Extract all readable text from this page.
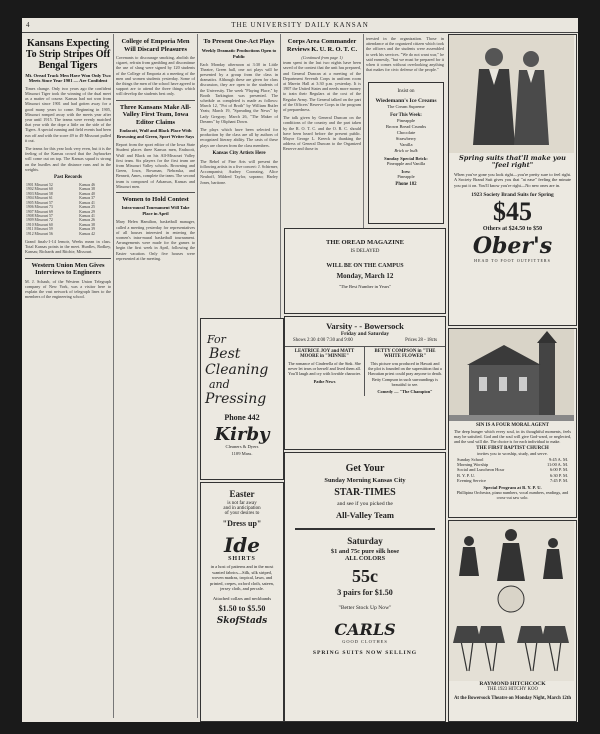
4	THE UNIVERSITY DAILY KANSAN
Kansans Expecting To Strip Stripes Off Bengal Tigers
Mt. Oread Track Men Have Won Only Two Meets Since Year 1901 — Are Confident

Times change. Only two years ago the confident Missouri Tiger took the winning of the dual meet as a matter of course. Kansas had not won from Missouri since 1901 and had gotten away for a good many years to come. Beginning in 1905, Missouri romped away with the meets year after year until 1915. The teams were evenly matched that year with the dope a little on the side of the Tigers. A special running and field events had been run off and with the score 49 to 49 Missouri pulled it out.

The teams for this year look very even, but it is the feeling of the Kansas crowd that the Jayhawker will come out on top. The Kansas squad is strong on the hurdles and the distance runs and in the weights.

Past Records
1901 Missouri 52	Kansas 46
1902 Missouri 60	Kansas 38
1903 Missouri 58	Kansas 40
1904 Missouri 61	Kansas 37
1905 Missouri 57	Kansas 41
1906 Missouri 73	Kansas 25
1907 Missouri 69	Kansas 29
1908 Missouri 57	Kansas 41
1909 Missouri 72	Kansas 26
1910 Missouri 60	Kansas 38
1911 Missouri 59	Kansas 39
1912 Missouri 56	Kansas 42

Grand finals-1-14 lemoir, Weeks mean in class. Total Kansas points in the meet. Hurdles, Rodkey, Kansas; Richards and Ritchie, Missouri.

Western Union Men Gives Interviews to Engineers

M. J. Schaub, of the Western Union Telegraph company of New York, was a visitor here to explain the vast network of telegraph lines to the members of the engineering school.

College of Emporia Men Will Discard Pleasures

Covenants to discourage smoking, abolish the cigaret, refrain from gambling and discontinue the use of slang were signed by 120 students of the College of Emporia at a meeting of the men and women students yesterday. Some of the things the men of the school have agreed to support are to attend the three things which will develop the students best only.

Three Kansans Make All-Valley First Team, Iowa Editor Claims
Endacott, Wulf and Black Place With Browning and Green, Sport Writer Says

Report from the sport editor of the Iowa State Student places three Kansas men, Endacott, Wulf and Black on his All-Missouri Valley first team. Six players for the first team are from Missouri Valley schools. Browning and Green, Iowa, Bowman, Nebraska, and Bennett, Ames, complete the team. The second team is composed of Arkansas, Kansas and Missouri men.

Women to Hold Contest
Intra-mural Tournament Will Take Place in April

Mary Helen Hamilton, basketball manager, called a meeting yesterday for representatives of all houses interested in entering the women's intra-mural basketball tournament. Arrangements were made for the games to begin the first week in April, following the Easter vacation. Only five houses were represented at the meeting.

To Present One-Act Plays
Weekly Dramatic Productions Open to Public

Each Monday afternoon at 3:30 in Little Theatre, Green hall, one act plays will be presented by a group from the class in dramatics. Although these are given for class discussion, they are open to the students of the University. The week "Playing Place," by Booth Tarkington was presented. The schedule as completed is made as follows: March 12, "Pot of Broth" by William Butler Yeats; March 19, "Spreading the News" by Lady Gregory; March 26, "The Maker of Dreams" by Oliphant Down.

The plays which have been selected for production by the class are all by authors of recognized literary ability. The casts of these plays are chosen from the class members.

Kansas City Artists Here

The Rebel of Fine Arts will present the following artists in a five concert: J. Schirmer, Accompanist; Audrey Coonzing, Alice Neuhoff, Mildred Taylor, soprano; Harley Jones, baritone.

Corps Area Commander Reviews K. U. R. O. T. C.
(Continued from page 1)

team spent in the last two nights have been saved of the contest that the unit has prepared, and General Duncan at a meeting of the Department Seventh Corps in uniform room at Marvin Hall at 3:30 p.m. yesterday. It is 1907 the United States and needs more money to train their Regulars at the cost of the Regular Army. The General talked on the part of the Officers' Reserve Corps in the program of preparedness.

The talk given by General Duncan on the conditions of the country and the part taken by the R. O. T. C. and the O. R. C. should have been heard before the present public. Mayor George L. Kreeck in thanking the address of General Duncan to the Organized Reserve and those in

terested in the organization. Those in attendance at the organized citizen which took the officers and the students were assembled to seek his services. "We do not want war," he said earnestly, "but we must be prepared for it when it comes without overlooking anything that makes for civic defense of the people."

Insist on
Wiedemann's Ice Creams
The Cream Supreme
For This Week:
Pineapple
Brown Bread Crumbs
Chocolate
Strawberry
Vanilla
Brick or bulk
Sunday Special Brick:
Pineapple and Vanilla
Ices:
Pineapple
Phone 182
Spring suits that'll make you "feel right"
When you've gone you look right—you're pretty sure to feel right. A Society Brand Suit gives you that "at ease" feeling the minute you put it on. You'll know you're right—No new ones are in.
1923 Society Brand Suits for Spring
$45
Others at $24.50 to $50
Ober's
HEAD TO FOOT OUTFITTERS
THE OREAD MAGAZINE
IS DELAYED
WILL BE ON THE CAMPUS
Monday, March 12
"The Best Number in Years"
For
Best
Cleaning
and
Pressing
Phone 442
Kirby
Cleaners & Dyers
1109 Mass.
Easter
is not far away
and in anticipation
of your desires to
"Dress up"
Ide
SHIRTS
in a host of patterns and in the most wanted fabrics—Silk, silk striped, woven madras, tropical, lawn, and printed, crepes, oxford cloth, sateen, jersey cloth, and percale.
Attached collars and neckbands
$1.50 to $5.50
SkofStads
Varsity - - Bowersock
Friday and Saturday
Shows 2:30 4:00 7:30 and 9:00	Prices 28 - 18cts
LEATRICE JOY and MATT MOORE in "MINNIE"
The romance of Cinderella of the Sink. She never let tears or herself and lived them all. You'll laugh and cry with lovable character.
Pathe News
BETTY COMPSON in "THE WHITE FLOWER"
This picture was produced in Hawaii and the plot is founded on the superstition that a Hawaiian priest could pray anyone to death. Betty Compson in such surroundings is beautiful to see.
Comedy — "The Champion"
SIN IS A FOUR MORAL AGENT
The deep hunger which every soul, in its thoughtful moments, feels may be satisfied. God and the soul will give God-ward, or neglected, and the soul will die. The choice is for each individual to make.
THE FIRST BAPTIST CHURCH
invites you to worship, study, and serve.
Sunday School	9:45 A. M.
Morning Worship	11:00 A. M.
Social and Luncheon Hour	6:00 P. M.
B. Y. P. U.	6:30 P. M.
Evening Service	7:45 P. M.
Special Program at B. Y. P. U.
Phillipina Orchestra, piano numbers, vocal numbers, readings, and cross-cut saw solo.
Get Your
Sunday Morning Kansas City
STAR-TIMES
and see if you picked the
All-Valley Team
Saturday
$1 and 75c pure silk hose
ALL COLORS
55c
3 pairs for $1.50
"Better Stock Up Now"
CARLS
GOOD CLOTHES
SPRING SUITS NOW SELLING
RAYMOND HITCHCOCK
THE 1923 HITCHY KOO
At the Bowersock Theatre on Monday Night, March 12th
